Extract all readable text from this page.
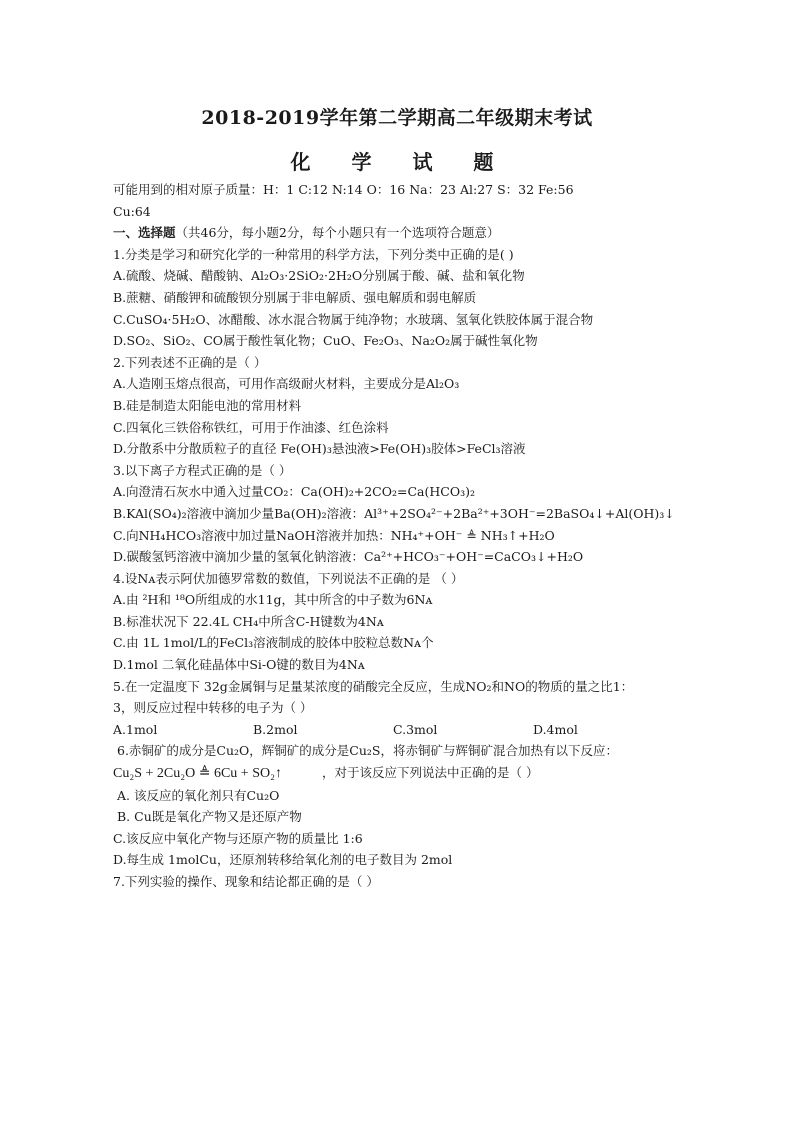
2018-2019学年第二学期高二年级期末考试
化 学 试 题
可能用到的相对原子质量：H：1 C:12 N:14 O：16 Na：23 Al:27 S：32 Fe:56
Cu:64
一、选择题（共46分，每小题2分，每个小题只有一个选项符合题意）
1.分类是学习和研究化学的一种常用的科学方法，下列分类中正确的是( )
A.硫酸、烧碱、醋酸钠、Al₂O₃·2SiO₂·2H₂O分别属于酸、碱、盐和氧化物
B.蔗糖、硝酸钾和硫酸钡分别属于非电解质、强电解质和弱电解质
C.CuSO₄·5H₂O、冰醋酸、冰水混合物属于纯净物；水玻璃、氢氧化铁胶体属于混合物
D.SO₂、SiO₂、CO属于酸性氧化物；CuO、Fe₂O₃、Na₂O₂属于碱性氧化物
2.下列表述不正确的是（ ）
A.人造刚玉熔点很高，可用作高级耐火材料，主要成分是Al₂O₃
B.硅是制造太阳能电池的常用材料
C.四氧化三铁俗称铁红，可用于作油漆、红色涂料
D.分散系中分散质粒子的直径 Fe(OH)₃悬浊液>Fe(OH)₃胶体>FeCl₃溶液
3.以下离子方程式正确的是（ ）
A.向澄清石灰水中通入过量CO₂：Ca(OH)₂+2CO₂=Ca(HCO₃)₂
B.KAl(SO₄)₂溶液中滴加少量Ba(OH)₂溶液：Al³⁺+2SO₄²⁻+2Ba²⁺+3OH⁻=2BaSO₄↓+Al(OH)₃↓
C.向NH₄HCO₃溶液中加过量NaOH溶液并加热：NH₄⁺+OH⁻ ≜ NH₃↑+H₂O
D.碳酸氢钙溶液中滴加少量的氢氧化钠溶液：Ca²⁺+HCO₃⁻+OH⁻=CaCO₃↓+H₂O
4.设Nᴀ表示阿伏加德罗常数的数值，下列说法不正确的是 （ ）
A.由 ²H和 ¹⁸O所组成的水11g，其中所含的中子数为6Nᴀ
B.标准状况下 22.4L CH₄中所含C-H键数为4Nᴀ
C.由 1L 1mol/L的FeCl₃溶液制成的胶体中胶粒总数Nᴀ个
D.1mol 二氧化硅晶体中Si-O键的数目为4Nᴀ
5.在一定温度下 32g金属铜与足量某浓度的硝酸完全反应，生成NO₂和NO的物质的量之比1：
3，则反应过程中转移的电子为（ ）
A.1mol	B.2mol	C.3mol	D.4mol
6.赤铜矿的成分是Cu₂O，辉铜矿的成分是Cu₂S，将赤铜矿与辉铜矿混合加热有以下反应：
Cu₂S + 2Cu₂O ≜ 6Cu + SO₂↑	，对于该反应下列说法中正确的是（ ）
A. 该反应的氧化剂只有Cu₂O
B. Cu既是氧化产物又是还原产物
C.该反应中氧化产物与还原产物的质量比 1:6
D.每生成 1molCu，还原剂转移给氧化剂的电子数目为 2mol
7.下列实验的操作、现象和结论都正确的是（ ）
